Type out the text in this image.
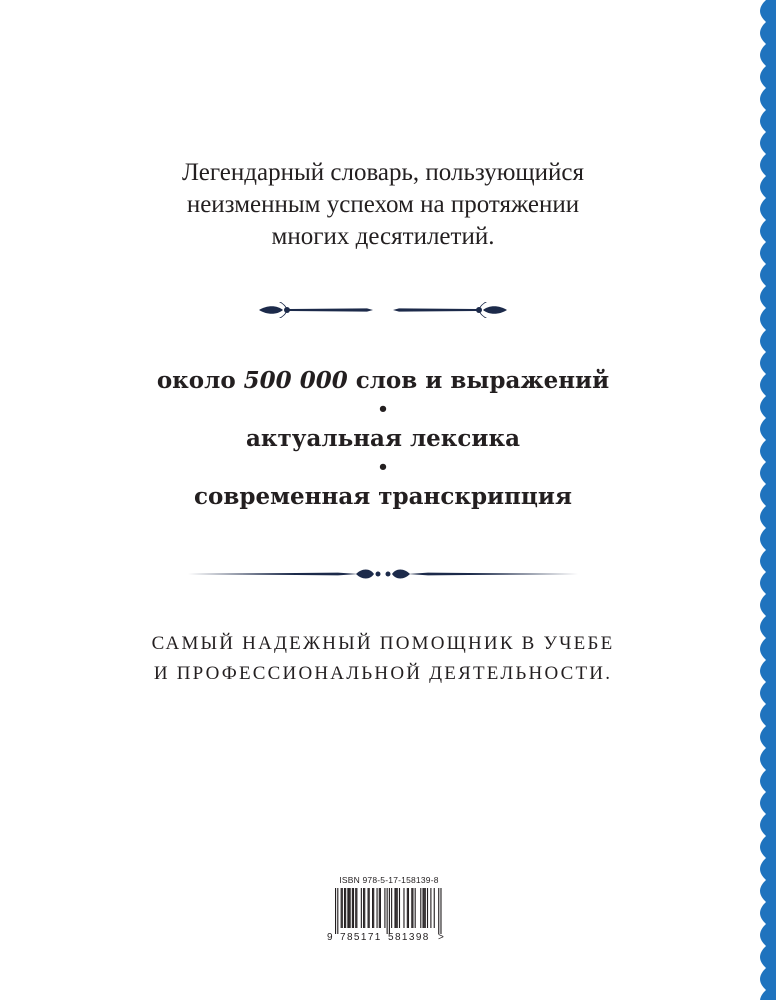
Легендарный словарь, пользующийся
неизменным успехом на протяжении
многих десятилетий.
около 500 000 слов и выражений
•
актуальная лексика
•
современная транскрипция
САМЫЙ НАДЕЖНЫЙ ПОМОЩНИК В УЧЕБЕ
И ПРОФЕССИОНАЛЬНОЙ ДЕЯТЕЛЬНОСТИ.
ISBN 978-5-17-158139-8
9 785171 581398 >
